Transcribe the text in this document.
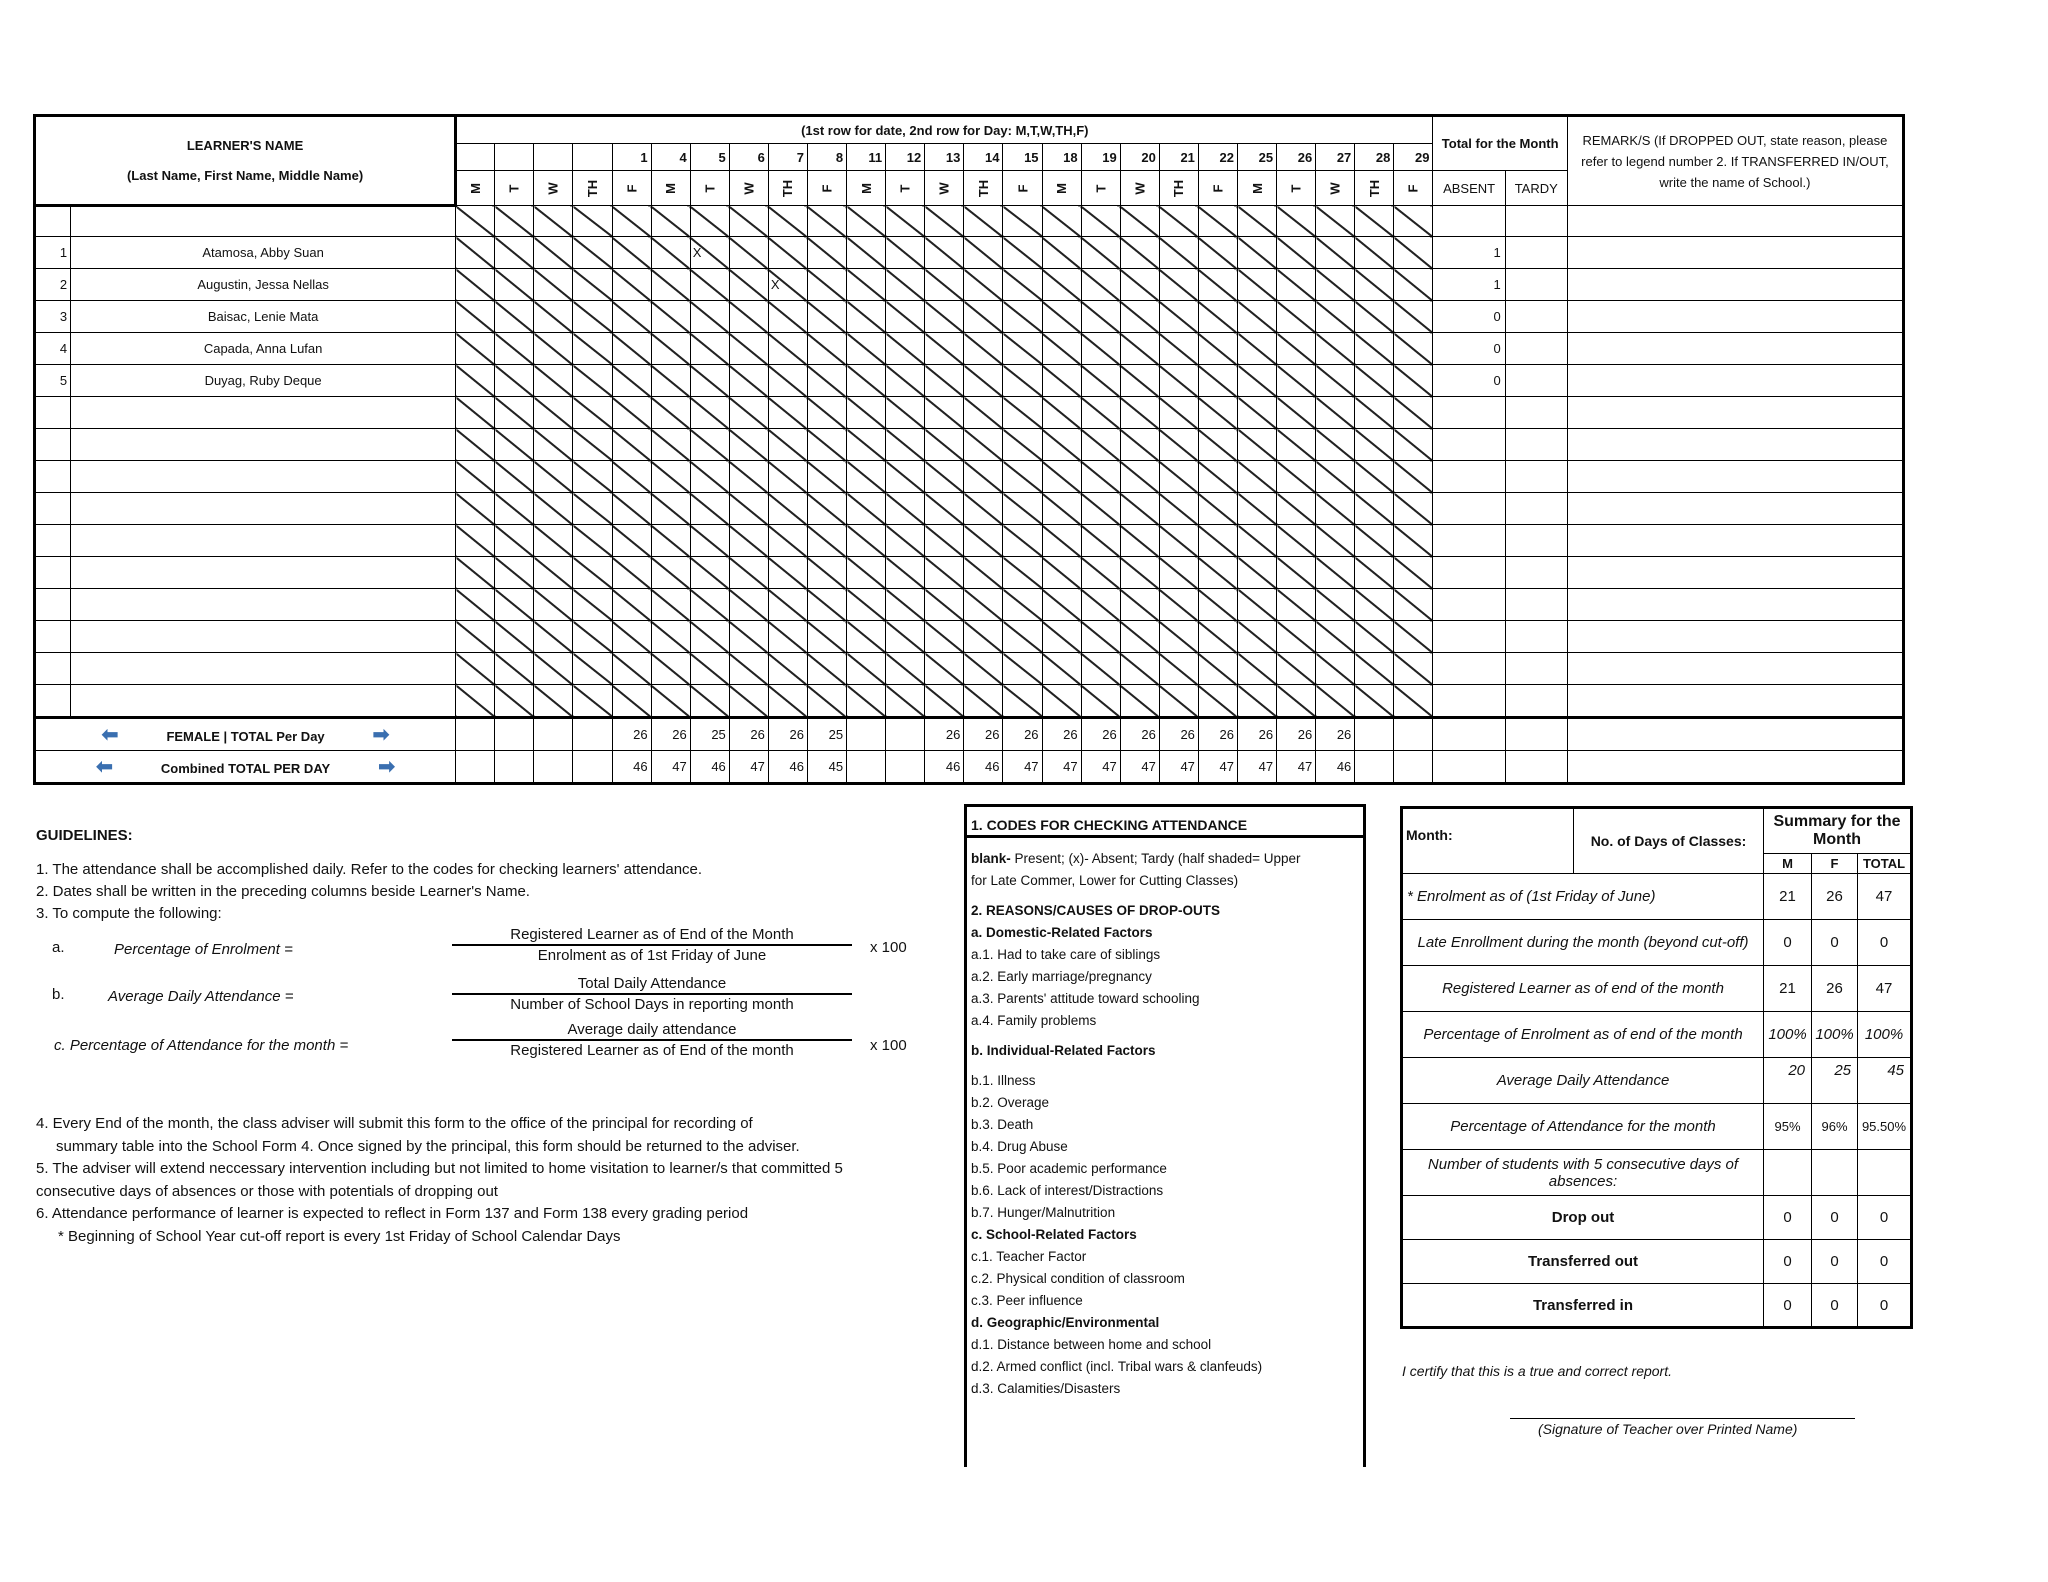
LEARNER'S NAME
(Last Name, First Name, Middle Name)		(1st row for date, 2nd row for Day: M,T,W,TH,F)																									Total for the Month		REMARK/S (If DROPPED OUT, state reason, please refer to legend number 2. If TRANSFERRED IN/OUT, write the name of School.)
						1	4	5	6	7	8	11	12	13	14	15	18	19	20	21	22	25	26	27	28	29			
		M	T	W	TH	F	M	T	W	TH	F	M	T	W	TH	F	M	T	W	TH	F	M	T	W	TH	F	ABSENT	TARDY	

1	Atamosa, Abby Suan							X																			1		
2	Augustin, Jessa Nellas									X																	1		
3	Baisac, Lenie Mata																										0		
4	Capada, Anna Lufan																										0		
5	Duyag, Ruby Deque																										0		

⬅ FEMALE | TOTAL Per Day ➡						26	26	25	26	26	25			26	26	26	26	26	26	26	26	26	26	26					
⬅ Combined TOTAL PER DAY ➡						46	47	46	47	46	45			46	46	47	47	47	47	47	47	47	47	46					
GUIDELINES:
1. The attendance shall be accomplished daily. Refer to the codes for checking learners' attendance.
2. Dates shall be written in the preceding columns beside Learner's Name.
3. To compute the following:
a.	Percentage of Enrolment =
Registered Learner as of End of the Month
Enrolment as of 1st Friday of June	x 100
b.	Average Daily Attendance =
Total Daily Attendance
Number of School Days in reporting month
c. Percentage of Attendance for the month =
Average daily attendance
Registered Learner as of End of the month	x 100
4. Every End of the month, the class adviser will submit this form to the office of the principal for recording of
summary table into the School Form 4. Once signed by the principal, this form should be returned to the adviser.
5. The adviser will extend neccessary intervention including but not limited to home visitation to learner/s that committed 5
consecutive days of absences or those with potentials of dropping out
6. Attendance performance of learner is expected to reflect in Form 137 and Form 138 every grading period
* Beginning of School Year cut-off report is every 1st Friday of School Calendar Days
1. CODES FOR CHECKING ATTENDANCE
blank- Present; (x)- Absent; Tardy (half shaded= Upper
for Late Commer, Lower for Cutting Classes)
2. REASONS/CAUSES OF DROP-OUTS
a. Domestic-Related Factors
a.1. Had to take care of siblings
a.2. Early marriage/pregnancy
a.3. Parents' attitude toward schooling
a.4. Family problems
b. Individual-Related Factors
b.1. Illness
b.2. Overage
b.3. Death
b.4. Drug Abuse
b.5. Poor academic performance
b.6. Lack of interest/Distractions
b.7. Hunger/Malnutrition
c. School-Related Factors
c.1. Teacher Factor
c.2. Physical condition of classroom
c.3. Peer influence
d. Geographic/Environmental
d.1. Distance between home and school
d.2. Armed conflict (incl. Tribal wars & clanfeuds)
d.3. Calamities/Disasters
Month:	No. of Days of Classes:	Summary for the Month		
		M	F	TOTAL
* Enrolment as of (1st Friday of June)		21	26	47
Late Enrollment during the month (beyond cut-off)		0	0	0
Registered Learner as of end of the month		21	26	47
Percentage of Enrolment as of end of the month		100%	100%	100%
Average Daily Attendance		20	25	45
Percentage of Attendance for the month		95%	96%	95.50%
Number of students with 5 consecutive days of absences:				
Drop out		0	0	0
Transferred out		0	0	0
Transferred in		0	0	0
I certify that this is a true and correct report.
(Signature of Teacher over Printed Name)
